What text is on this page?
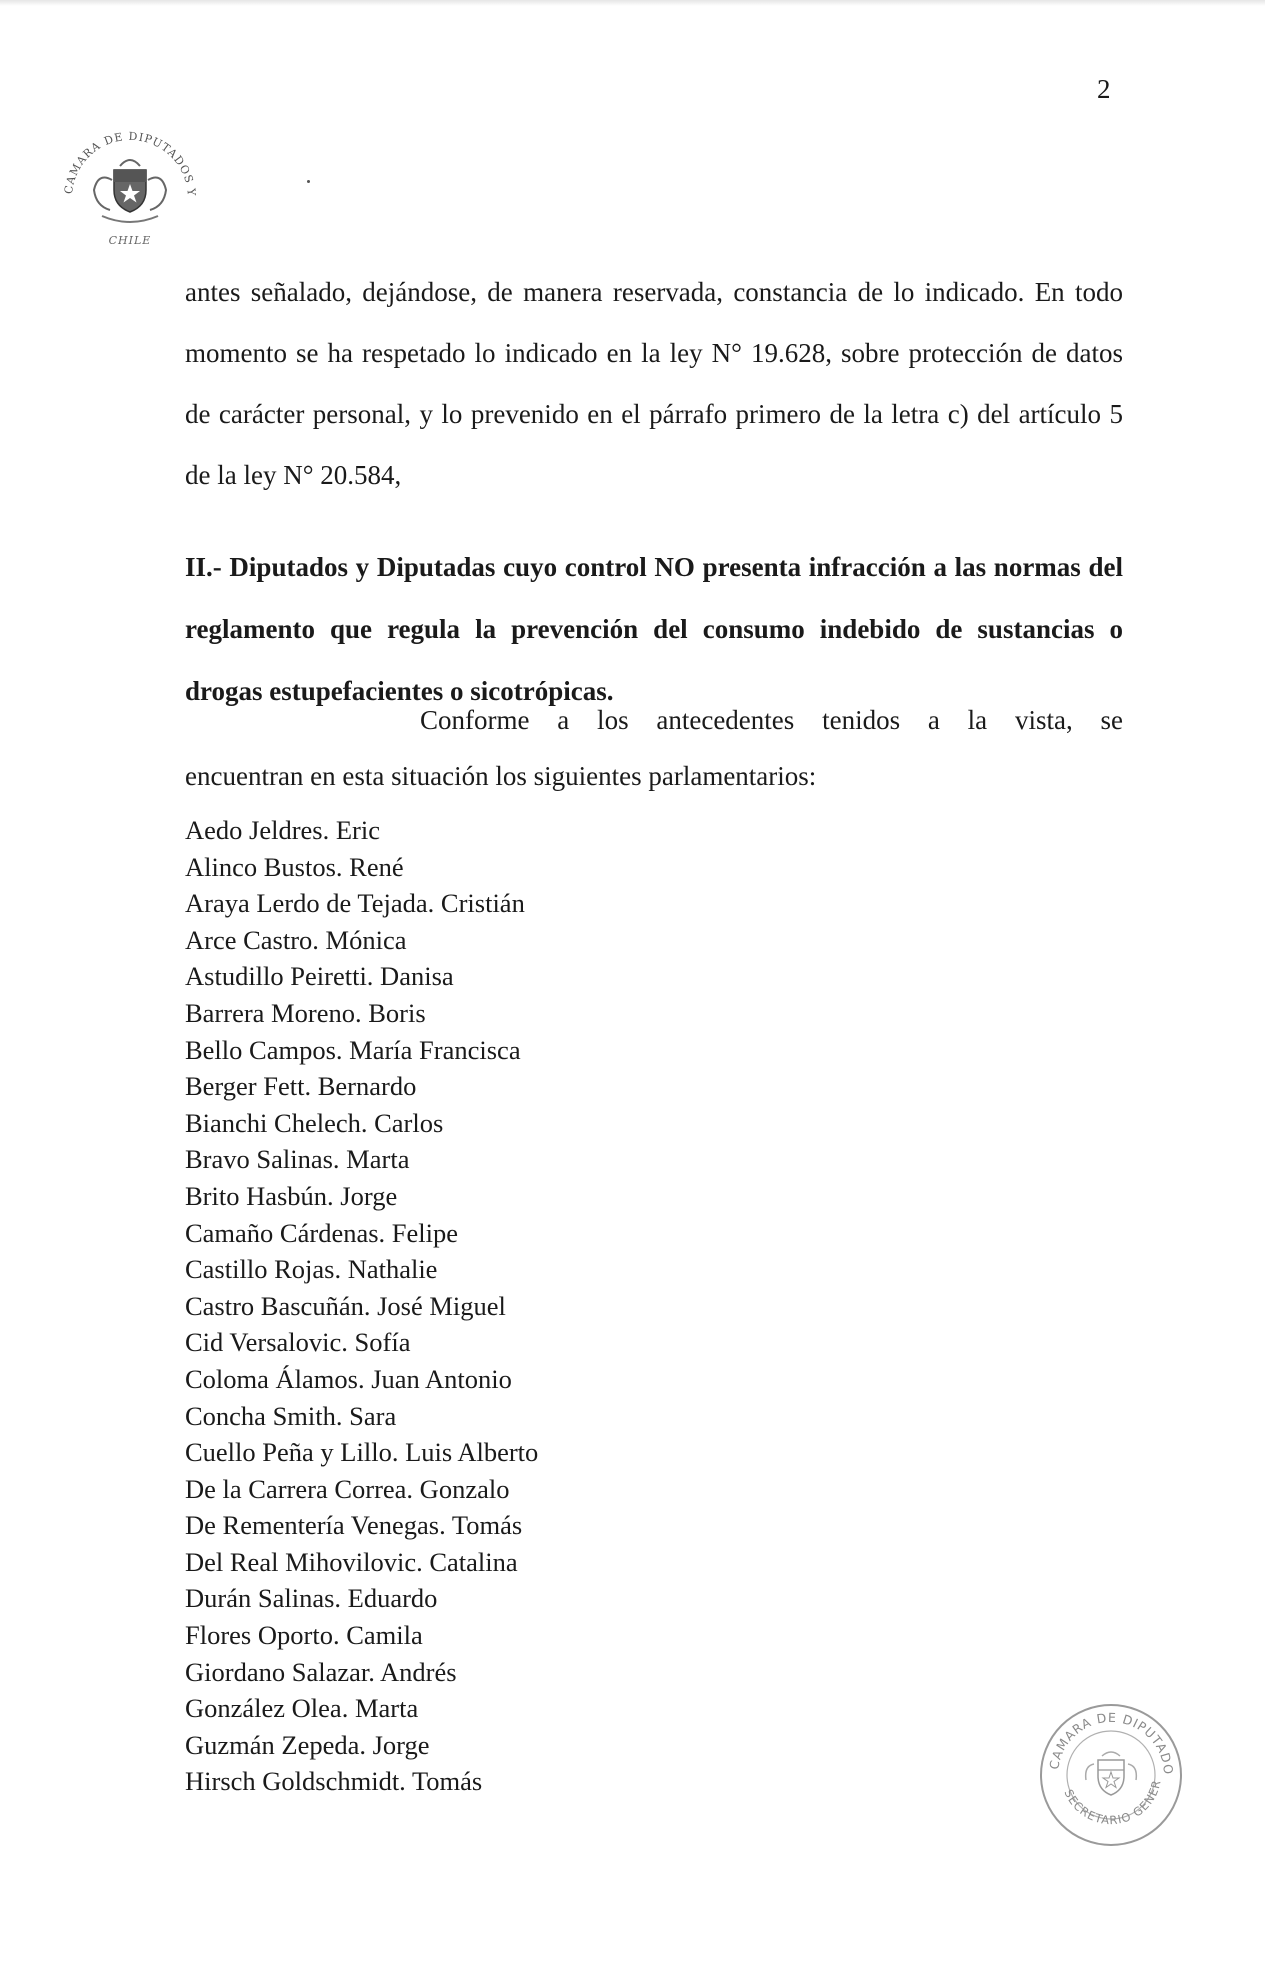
2
CAMARA DE DIPUTADOS Y
CHILE

antes señalado, dejándose, de manera reservada, constancia de lo indicado. En todo momento se ha respetado lo indicado en la ley N° 19.628, sobre protección de datos de carácter personal, y lo prevenido en el párrafo primero de la letra c) del artículo 5 de la ley N° 20.584,

II.- Diputados y Diputadas cuyo control NO presenta infracción a las normas del reglamento que regula la prevención del consumo indebido de sustancias o drogas estupefacientes o sicotrópicas.

Conforme a los antecedentes tenidos a la vista, se
encuentran en esta situación los siguientes parlamentarios:
Aedo Jeldres. Eric
Alinco Bustos. René
Araya Lerdo de Tejada. Cristián
Arce Castro. Mónica
Astudillo Peiretti. Danisa
Barrera Moreno. Boris
Bello Campos. María Francisca
Berger Fett. Bernardo
Bianchi Chelech. Carlos
Bravo Salinas. Marta
Brito Hasbún. Jorge
Camaño Cárdenas. Felipe
Castillo Rojas. Nathalie
Castro Bascuñán. José Miguel
Cid Versalovic. Sofía
Coloma Álamos. Juan Antonio
Concha Smith. Sara
Cuello Peña y Lillo. Luis Alberto
De la Carrera Correa. Gonzalo
De Rementería Venegas. Tomás
Del Real Mihovilovic. Catalina
Durán Salinas. Eduardo
Flores Oporto. Camila
Giordano Salazar. Andrés
González Olea. Marta
Guzmán Zepeda. Jorge
Hirsch Goldschmidt. Tomás
CAMARA DE DIPUTADO
SECRETARIO GENER
